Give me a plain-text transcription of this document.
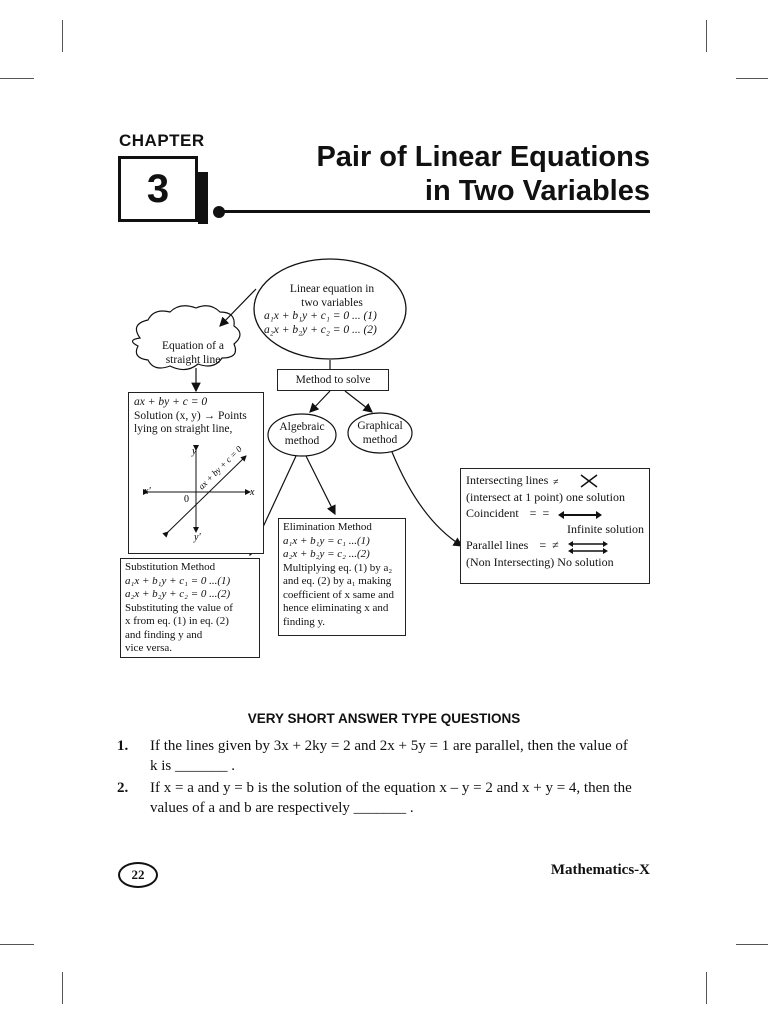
CHAPTER
3
Pair of Linear Equations
in Two Variables
Linear equation in
two variables
a₁x + b₁y + c₁ = 0 ... (1)
a₂x + b₂y + c₂ = 0 ... (2)
Equation of a
straight line
ax + by + c = 0
Solution (x, y) → Points
lying on straight line,
x'	x
y
y'
0
ax + by + c = 0
Method to solve
Algebraic
method
Graphical
method
Intersecting lines ≠
(intersect at 1 point) one solution
Coincident =  =
Infinite solution
Parallel lines =  ≠
(Non Intersecting) No solution
Elimination Method
a₁x + b₁y = c₁ ...(1)
a₂x + b₂y = c₂ ...(2)
Multiplying eq. (1) by a₂
and eq. (2) by a₁ making
coefficient of x same and
hence eliminating x and
finding y.
Substitution Method
a₁x + b₁y + c₁ = 0 ...(1)
a₂x + b₂y + c₂ = 0 ...(2)
Substituting the value of
x from eq. (1) in eq. (2)
and finding y and
vice versa.
VERY SHORT ANSWER TYPE QUESTIONS
1. If the lines given by 3x + 2ky = 2 and 2x + 5y = 1 are parallel, then the value of
k is _______ .
2. If x = a and y = b is the solution of the equation x – y = 2 and x + y = 4, then the
values of a and b are respectively _______ .
22	Mathematics-X
